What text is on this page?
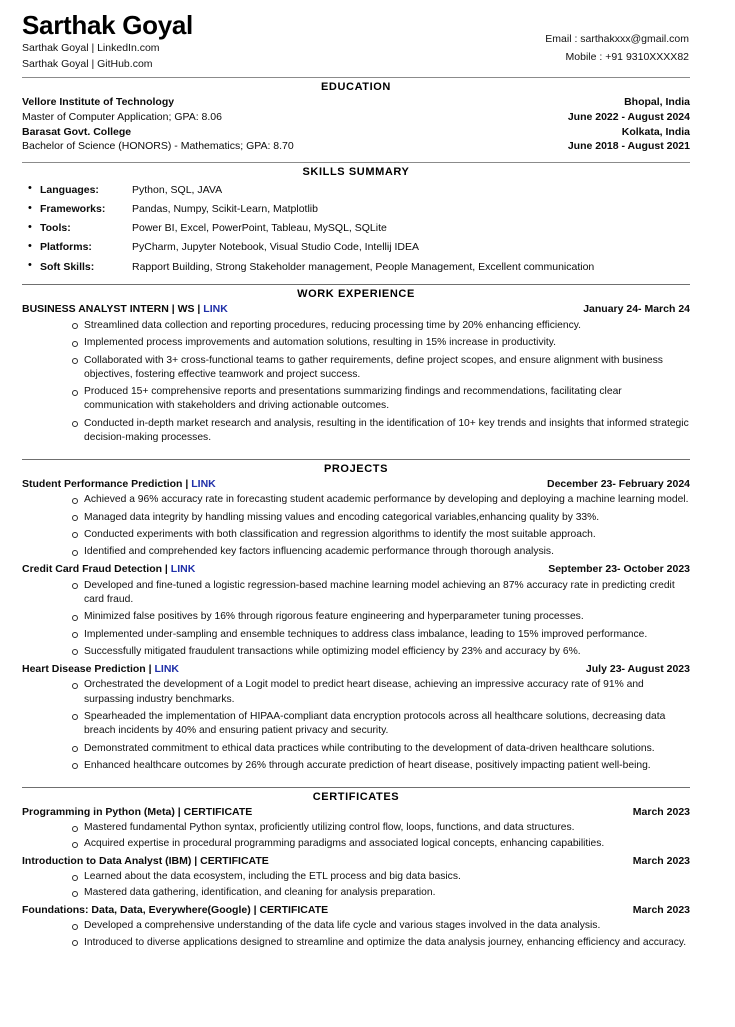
Sarthak Goyal
Sarthak Goyal | LinkedIn.com
Sarthak Goyal | GitHub.com
Email : sarthakxxx@gmail.com
Mobile : +91 9310XXXX82
EDUCATION
Vellore Institute of Technology	Bhopal, India
Master of Computer Application; GPA: 8.06	June 2022 - August 2024
Barasat Govt. College	Kolkata, India
Bachelor of Science (HONORS) - Mathematics; GPA: 8.70	June 2018 - August 2021
SKILLS SUMMARY
• Languages:	Python, SQL, JAVA
• Frameworks:	Pandas, Numpy, Scikit-Learn, Matplotlib
• Tools:	Power BI, Excel, PowerPoint, Tableau, MySQL, SQLite
• Platforms:	PyCharm, Jupyter Notebook, Visual Studio Code, Intellij IDEA
• Soft Skills:	Rapport Building, Strong Stakeholder management, People Management, Excellent communication
WORK EXPERIENCE
BUSINESS ANALYST INTERN | WS | LINK	January 24- March 24
Streamlined data collection and reporting procedures, reducing processing time by 20% enhancing efficiency.
Implemented process improvements and automation solutions, resulting in 15% increase in productivity.
Collaborated with 3+ cross-functional teams to gather requirements, define project scopes, and ensure alignment with business objectives, fostering effective teamwork and project success.
Produced 15+ comprehensive reports and presentations summarizing findings and recommendations, facilitating clear communication with stakeholders and driving actionable outcomes.
Conducted in-depth market research and analysis, resulting in the identification of 10+ key trends and insights that informed strategic decision-making processes.
PROJECTS
Student Performance Prediction | LINK	December 23- February 2024
Achieved a 96% accuracy rate in forecasting student academic performance by developing and deploying a machine learning model.
Managed data integrity by handling missing values and encoding categorical variables,enhancing quality by 33%.
Conducted experiments with both classification and regression algorithms to identify the most suitable approach.
Identified and comprehended key factors influencing academic performance through thorough analysis.
Credit Card Fraud Detection | LINK	September 23- October 2023
Developed and fine-tuned a logistic regression-based machine learning model achieving an 87% accuracy rate in predicting credit card fraud.
Minimized false positives by 16% through rigorous feature engineering and hyperparameter tuning processes.
Implemented under-sampling and ensemble techniques to address class imbalance, leading to 15% improved performance.
Successfully mitigated fraudulent transactions while optimizing model efficiency by 23% and accuracy by 6%.
Heart Disease Prediction | LINK	July 23- August 2023
Orchestrated the development of a Logit model to predict heart disease, achieving an impressive accuracy rate of 91% and surpassing industry benchmarks.
Spearheaded the implementation of HIPAA-compliant data encryption protocols across all healthcare solutions, decreasing data breach incidents by 40% and ensuring patient privacy and security.
Demonstrated commitment to ethical data practices while contributing to the development of data-driven healthcare solutions.
Enhanced healthcare outcomes by 26% through accurate prediction of heart disease, positively impacting patient well-being.
CERTIFICATES
Programming in Python (Meta) | CERTIFICATE	March 2023
Mastered fundamental Python syntax, proficiently utilizing control flow, loops, functions, and data structures.
Acquired expertise in procedural programming paradigms and associated logical concepts, enhancing capabilities.
Introduction to Data Analyst (IBM) | CERTIFICATE	March 2023
Learned about the data ecosystem, including the ETL process and big data basics.
Mastered data gathering, identification, and cleaning for analysis preparation.
Foundations: Data, Data, Everywhere(Google) | CERTIFICATE	March 2023
Developed a comprehensive understanding of the data life cycle and various stages involved in the data analysis.
Introduced to diverse applications designed to streamline and optimize the data analysis journey, enhancing efficiency and accuracy.
